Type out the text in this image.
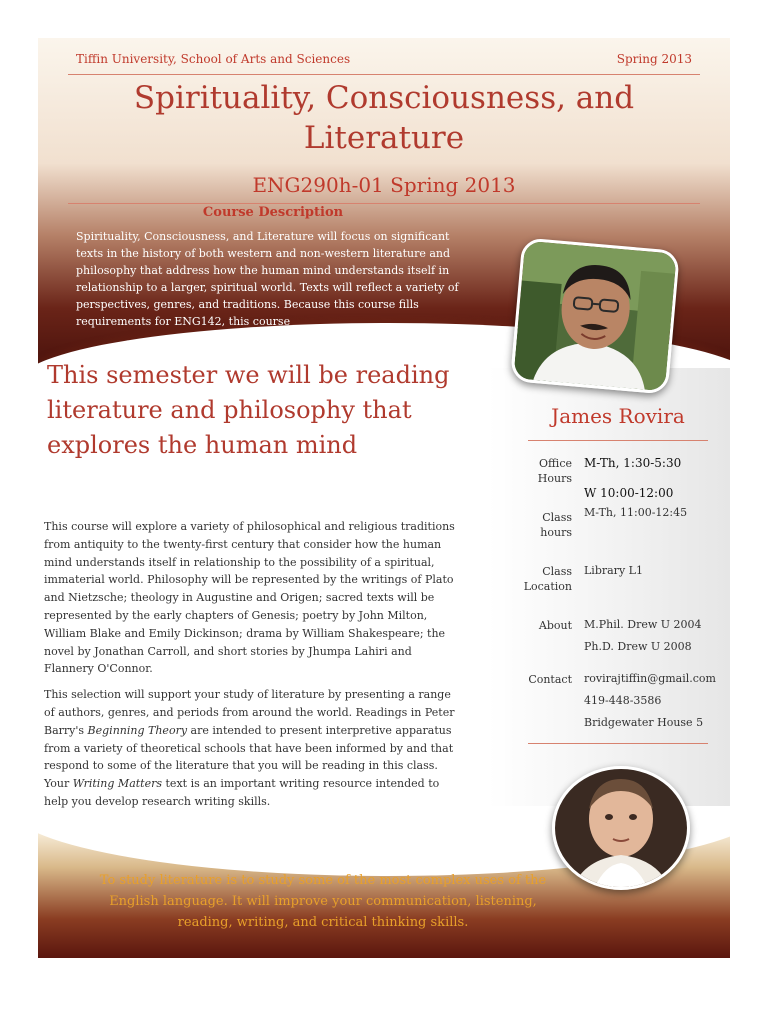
Tiffin University, School of Arts and Sciences	Spring 2013
Spirituality, Consciousness, and Literature
ENG290h-01 Spring 2013
Course Description
Spirituality, Consciousness, and Literature will focus on significant texts in the history of both western and non-western literature and philosophy that address how the human mind understands itself in relationship to a larger, spiritual world. Texts will reflect a variety of perspectives, genres, and traditions. Because this course fills requirements for ENG142, this course
will also teach research writing.
This semester we will be reading literature and philosophy that explores the human mind

This course will explore a variety of philosophical and religious traditions from antiquity to the twenty-first century that consider how the human mind understands itself in relationship to the possibility of a spiritual, immaterial world. Philosophy will be represented by the writings of Plato and Nietzsche; theology in Augustine and Origen; sacred texts will be represented by the early chapters of Genesis; poetry by John Milton, William Blake and Emily Dickinson; drama by William Shakespeare; the novel by Jonathan Carroll, and short stories by Jhumpa Lahiri and Flannery O'Connor.

This selection will support your study of literature by presenting a range of authors, genres, and periods from around the world. Readings in Peter Barry's Beginning Theory are intended to present interpretive apparatus from a variety of theoretical schools that have been informed by and that respond to some of the literature that you will be reading in this class. Your Writing Matters text is an important writing resource intended to help you develop research writing skills.

James Rovira
Office
Hours
M-Th, 1:30-5:30
W 10:00-12:00
Class
hours
M-Th, 11:00-12:45
Class
Location
Library L1
About M.Phil. Drew U 2004
Ph.D. Drew U 2008
Contact rovirajtiffin@gmail.com
419-448-3586
Bridgewater House 5
To study literature is to study some of the most complex uses of the English language. It will improve your communication, listening, reading, writing, and critical thinking skills.
